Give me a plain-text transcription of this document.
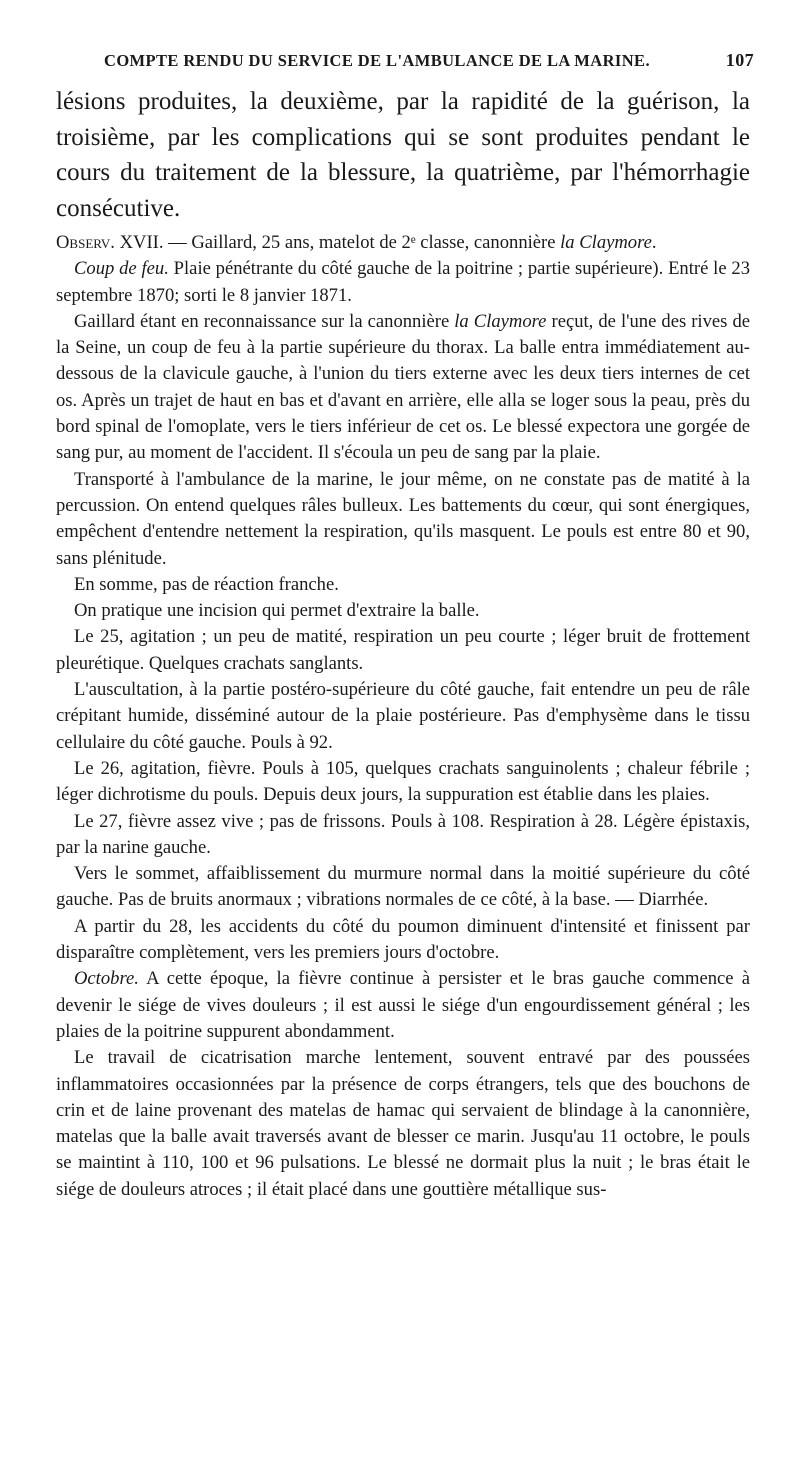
COMPTE RENDU DU SERVICE DE L'AMBULANCE DE LA MARINE.	107

lésions produites, la deuxième, par la rapidité de la guérison, la troisième, par les complications qui se sont produites pendant le cours du traitement de la blessure, la quatrième, par l'hémorrhagie consécutive.

Observ. XVII. — Gaillard, 25 ans, matelot de 2ᵉ classe, canonnière la Claymore.

Coup de feu. Plaie pénétrante du côté gauche de la poitrine ; partie supérieure). Entré le 23 septembre 1870; sorti le 8 janvier 1871.

Gaillard étant en reconnaissance sur la canonnière la Claymore reçut, de l'une des rives de la Seine, un coup de feu à la partie supérieure du thorax. La balle entra immédiatement au-dessous de la clavicule gauche, à l'union du tiers externe avec les deux tiers internes de cet os. Après un trajet de haut en bas et d'avant en arrière, elle alla se loger sous la peau, près du bord spinal de l'omoplate, vers le tiers inférieur de cet os. Le blessé expectora une gorgée de sang pur, au moment de l'accident. Il s'écoula un peu de sang par la plaie.

Transporté à l'ambulance de la marine, le jour même, on ne constate pas de matité à la percussion. On entend quelques râles bulleux. Les battements du cœur, qui sont énergiques, empêchent d'entendre nettement la respiration, qu'ils masquent. Le pouls est entre 80 et 90, sans plénitude.

En somme, pas de réaction franche.

On pratique une incision qui permet d'extraire la balle.

Le 25, agitation ; un peu de matité, respiration un peu courte ; léger bruit de frottement pleurétique. Quelques crachats sanglants.

L'auscultation, à la partie postéro-supérieure du côté gauche, fait entendre un peu de râle crépitant humide, disséminé autour de la plaie postérieure. Pas d'emphysème dans le tissu cellulaire du côté gauche. Pouls à 92.

Le 26, agitation, fièvre. Pouls à 105, quelques crachats sanguinolents ; chaleur fébrile ; léger dichrotisme du pouls. Depuis deux jours, la suppuration est établie dans les plaies.

Le 27, fièvre assez vive ; pas de frissons. Pouls à 108. Respiration à 28. Légère épistaxis, par la narine gauche.

Vers le sommet, affaiblissement du murmure normal dans la moitié supérieure du côté gauche. Pas de bruits anormaux ; vibrations normales de ce côté, à la base. — Diarrhée.

A partir du 28, les accidents du côté du poumon diminuent d'intensité et finissent par disparaître complètement, vers les premiers jours d'octobre.

Octobre. A cette époque, la fièvre continue à persister et le bras gauche commence à devenir le siége de vives douleurs ; il est aussi le siége d'un engourdissement général ; les plaies de la poitrine suppurent abondamment.

Le travail de cicatrisation marche lentement, souvent entravé par des poussées inflammatoires occasionnées par la présence de corps étrangers, tels que des bouchons de crin et de laine provenant des matelas de hamac qui servaient de blindage à la canonnière, matelas que la balle avait traversés avant de blesser ce marin. Jusqu'au 11 octobre, le pouls se maintint à 110, 100 et 96 pulsations. Le blessé ne dormait plus la nuit ; le bras était le siége de douleurs atroces ; il était placé dans une gouttière métallique sus-
